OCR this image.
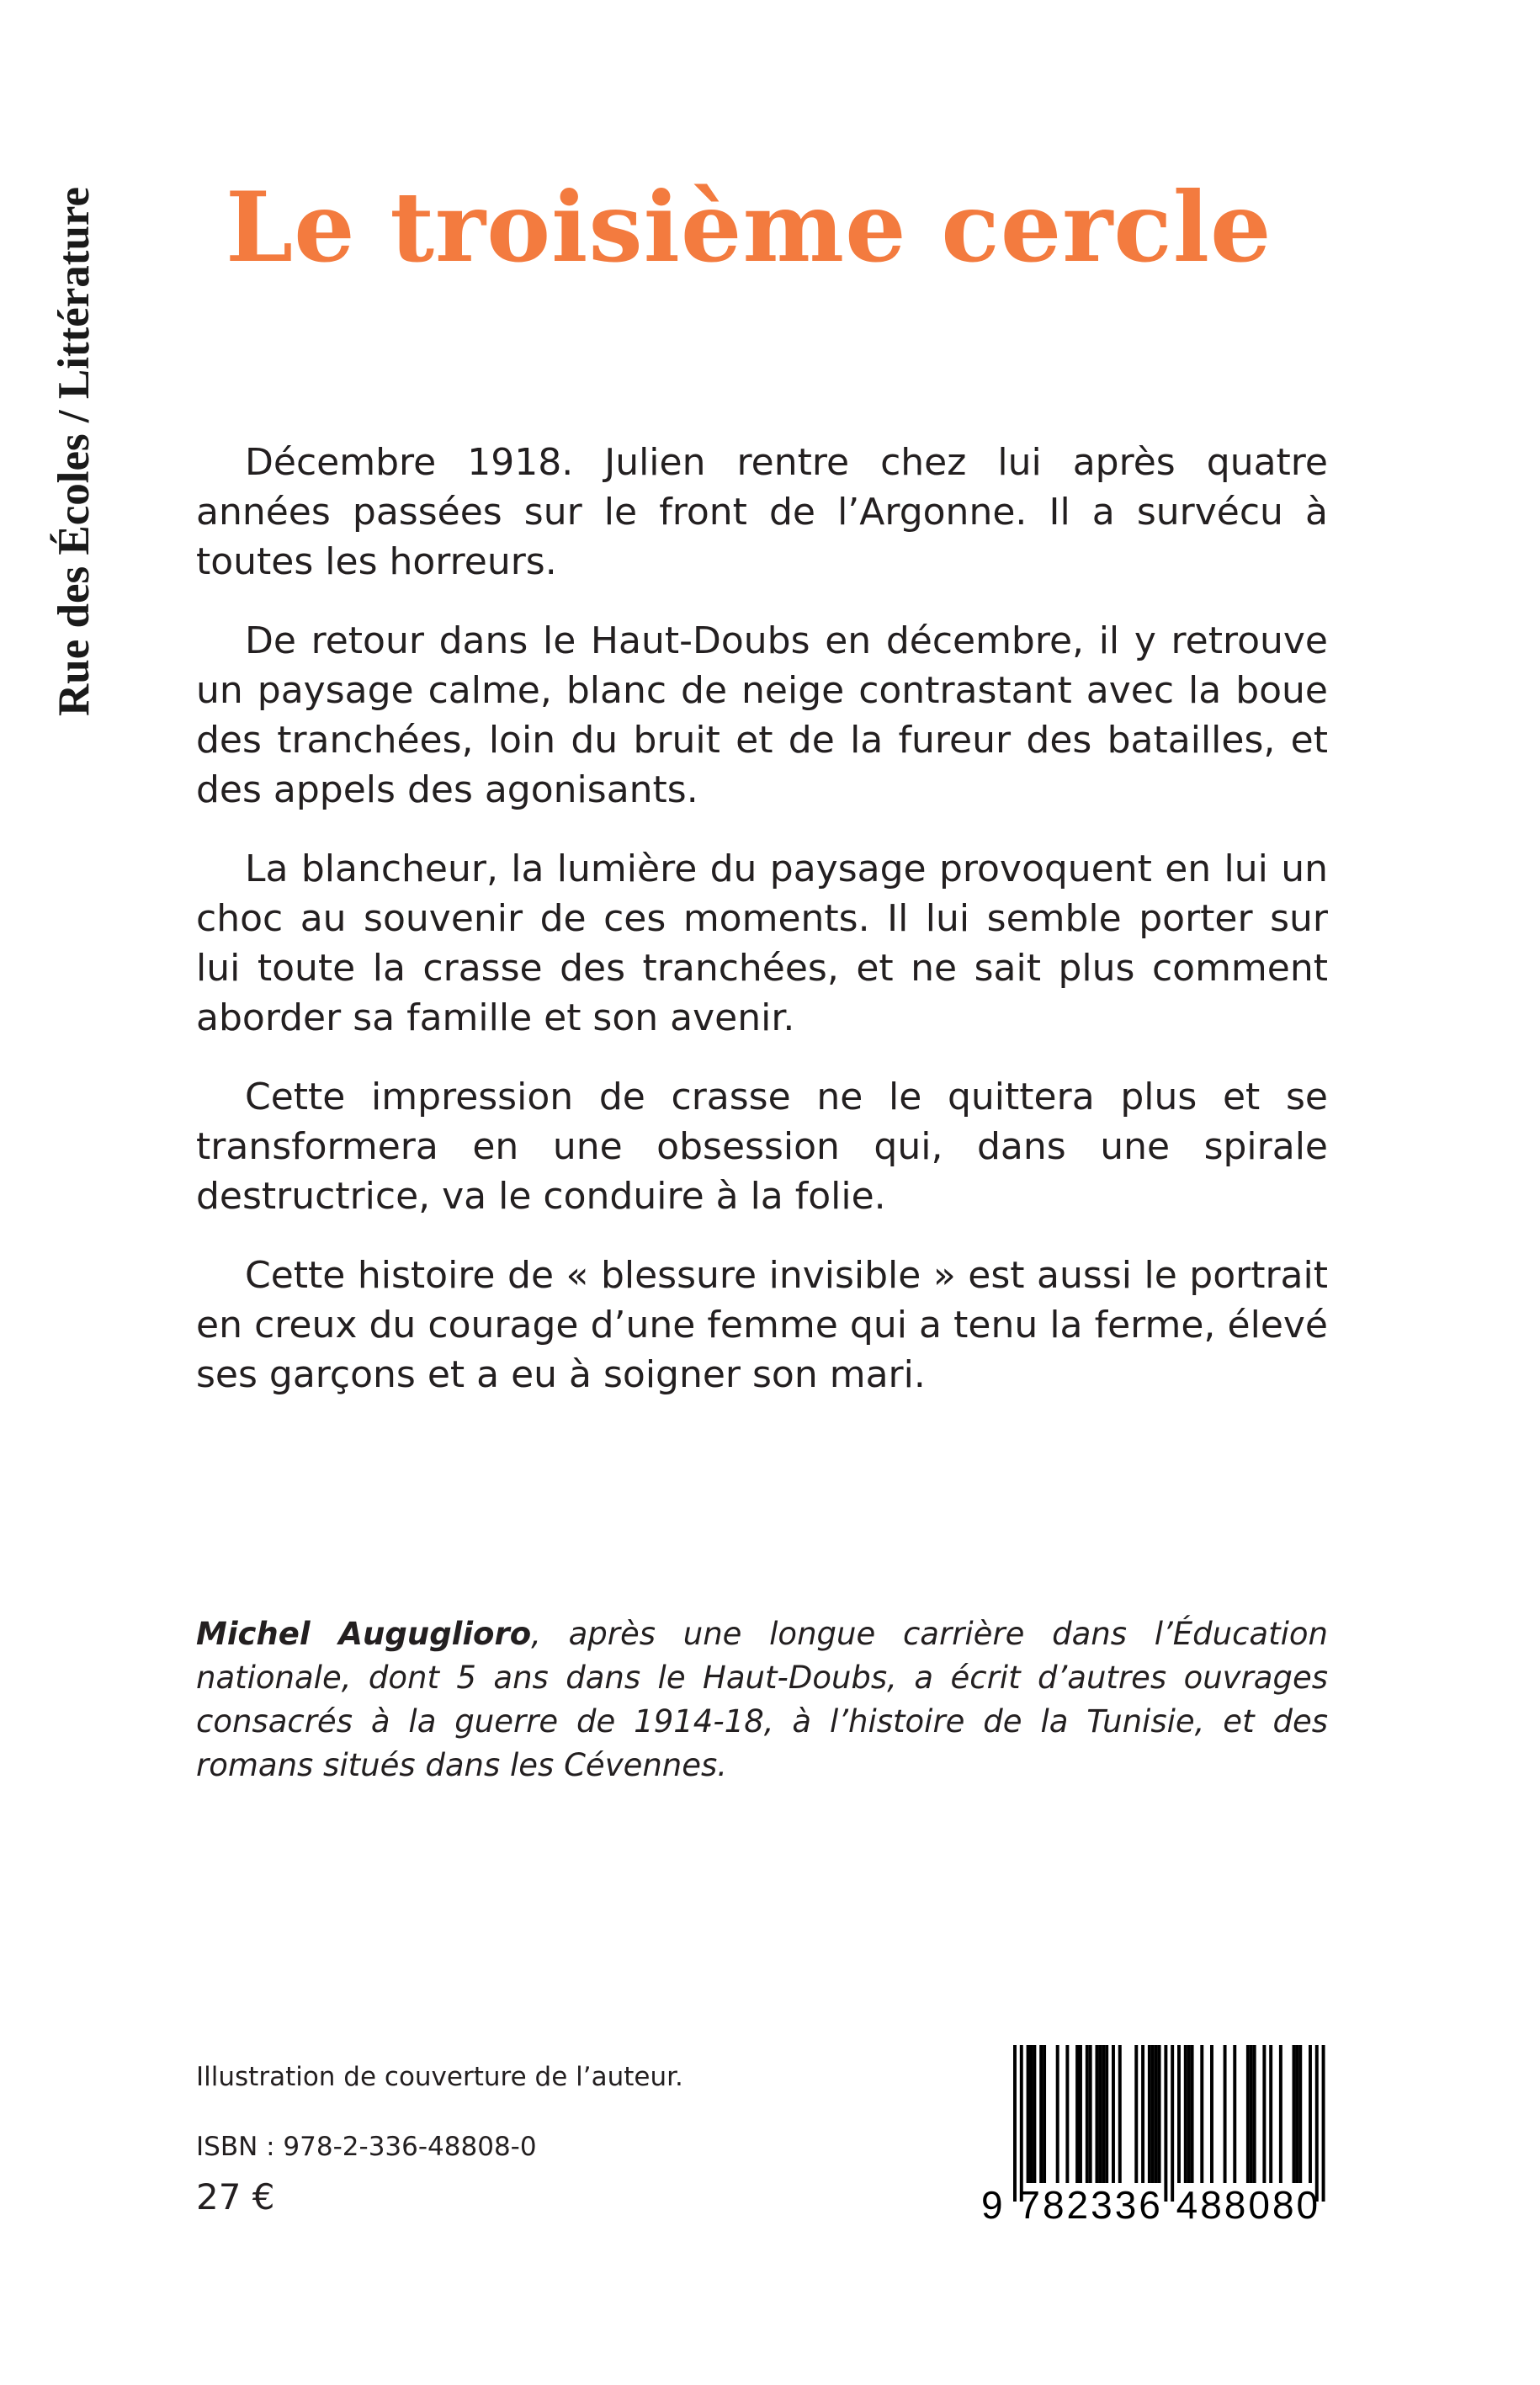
Rue des Écoles / Littérature Le troisième cercle

Décembre 1918. Julien rentre chez lui après quatre années passées sur le front de l’Argonne. Il a survécu à toutes les horreurs.

De retour dans le Haut-Doubs en décembre, il y retrouve un paysage calme, blanc de neige contrastant avec la boue des tranchées, loin du bruit et de la fureur des batailles, et des appels des agonisants.

La blancheur, la lumière du paysage provoquent en lui un choc au souvenir de ces moments. Il lui semble porter sur lui toute la crasse des tranchées, et ne sait plus comment aborder sa famille et son avenir.

Cette impression de crasse ne le quittera plus et se transformera en une obsession qui, dans une spirale destructrice, va le conduire à la folie.

Cette histoire de « blessure invisible » est aussi le portrait en creux du courage d’une femme qui a tenu la ferme, élevé ses garçons et a eu à soigner son mari.

Michel Auguglioro, après une longue carrière dans l’Éducation nationale, dont 5 ans dans le Haut-Doubs, a écrit d’autres ouvrages consacrés à la guerre de 1914-18, à l’histoire de la Tunisie, et des romans situés dans les Cévennes.

Illustration de couverture de l’auteur.
ISBN : 978-2-336-48808-0
27 €	9 782336 488080
